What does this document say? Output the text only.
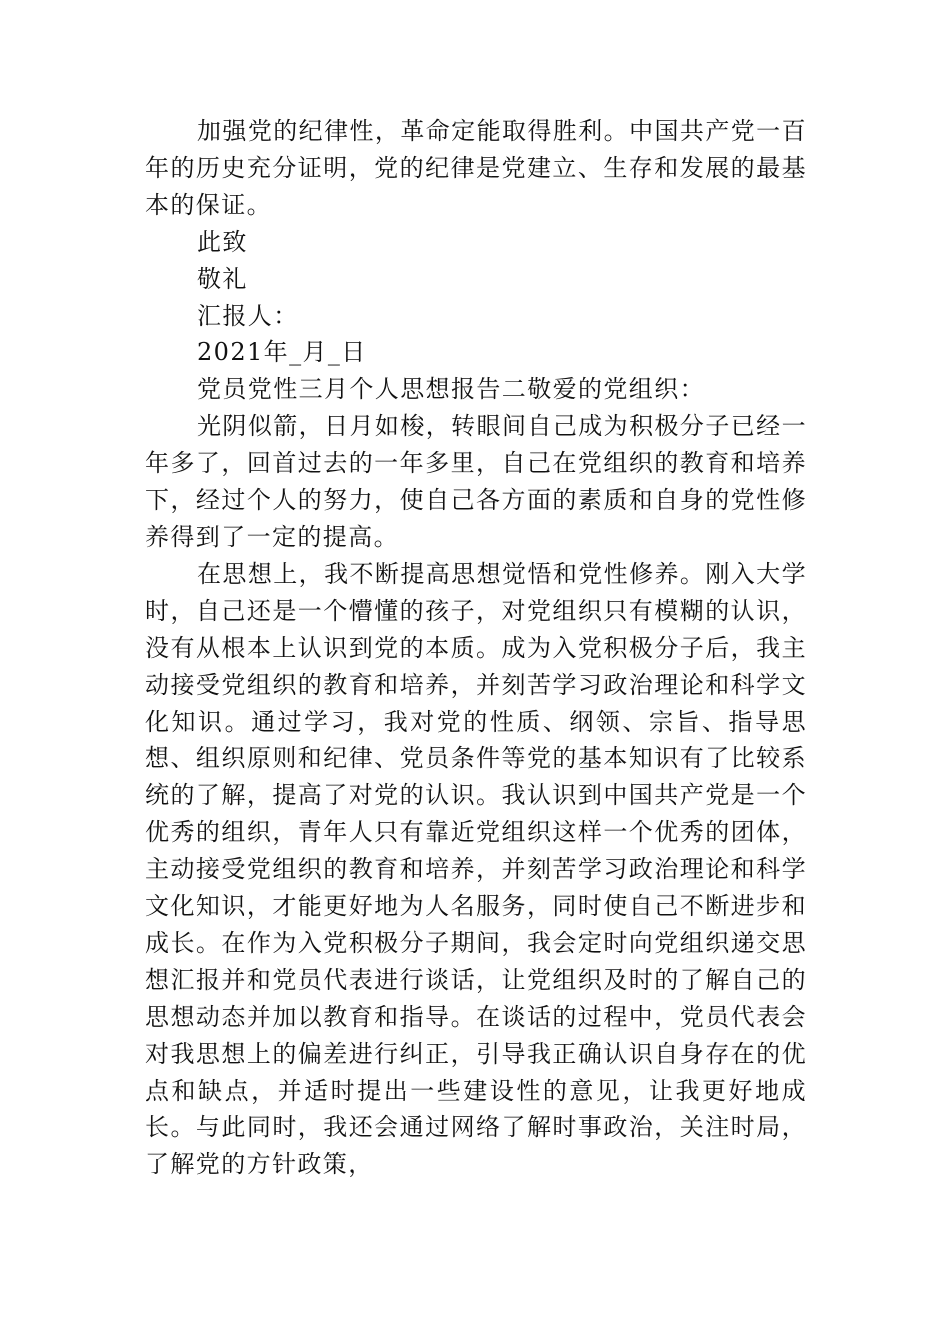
加强党的纪律性，革命定能取得胜利。中国共产党一百年的历史充分证明，党的纪律是党建立、生存和发展的最基本的保证。

此致

敬礼

汇报人：

2021年_月_日

党员党性三月个人思想报告二敬爱的党组织：

光阴似箭，日月如梭，转眼间自己成为积极分子已经一年多了，回首过去的一年多里，自己在党组织的教育和培养下，经过个人的努力，使自己各方面的素质和自身的党性修养得到了一定的提高。

在思想上，我不断提高思想觉悟和党性修养。刚入大学时，自己还是一个懵懂的孩子，对党组织只有模糊的认识，没有从根本上认识到党的本质。成为入党积极分子后，我主动接受党组织的教育和培养，并刻苦学习政治理论和科学文化知识。通过学习，我对党的性质、纲领、宗旨、指导思想、组织原则和纪律、党员条件等党的基本知识有了比较系统的了解，提高了对党的认识。我认识到中国共产党是一个优秀的组织，青年人只有靠近党组织这样一个优秀的团体，主动接受党组织的教育和培养，并刻苦学习政治理论和科学文化知识，才能更好地为人名服务，同时使自己不断进步和成长。在作为入党积极分子期间，我会定时向党组织递交思想汇报并和党员代表进行谈话，让党组织及时的了解自己的思想动态并加以教育和指导。在谈话的过程中，党员代表会对我思想上的偏差进行纠正，引导我正确认识自身存在的优点和缺点，并适时提出一些建设性的意见，让我更好地成长。与此同时，我还会通过网络了解时事政治，关注时局，了解党的方针政策，
